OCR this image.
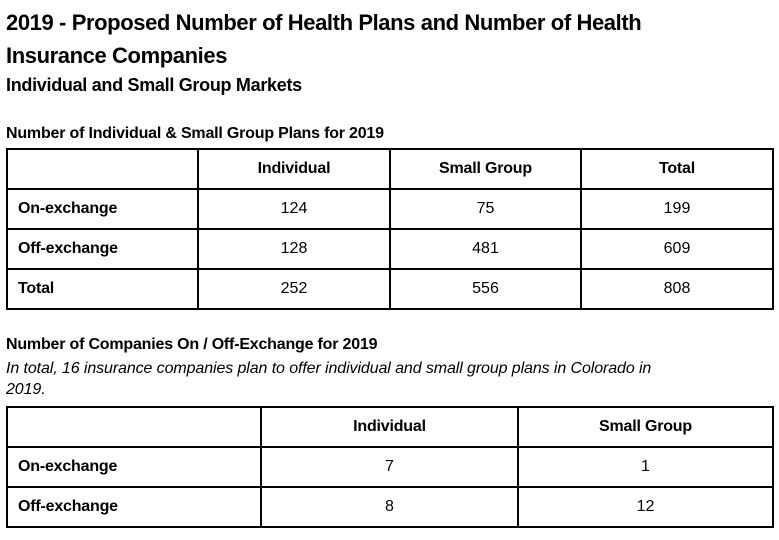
2019 - Proposed Number of Health Plans and Number of Health
Insurance Companies
Individual and Small Group Markets
Number of Individual & Small Group Plans for 2019
	Individual	Small Group	Total
On-exchange	124	75	199
Off-exchange	128	481	609
Total	252	556	808
Number of Companies On / Off-Exchange for 2019
In total, 16 insurance companies plan to offer individual and small group plans in Colorado in
2019.
	Individual	Small Group
On-exchange	7	1
Off-exchange	8	12
